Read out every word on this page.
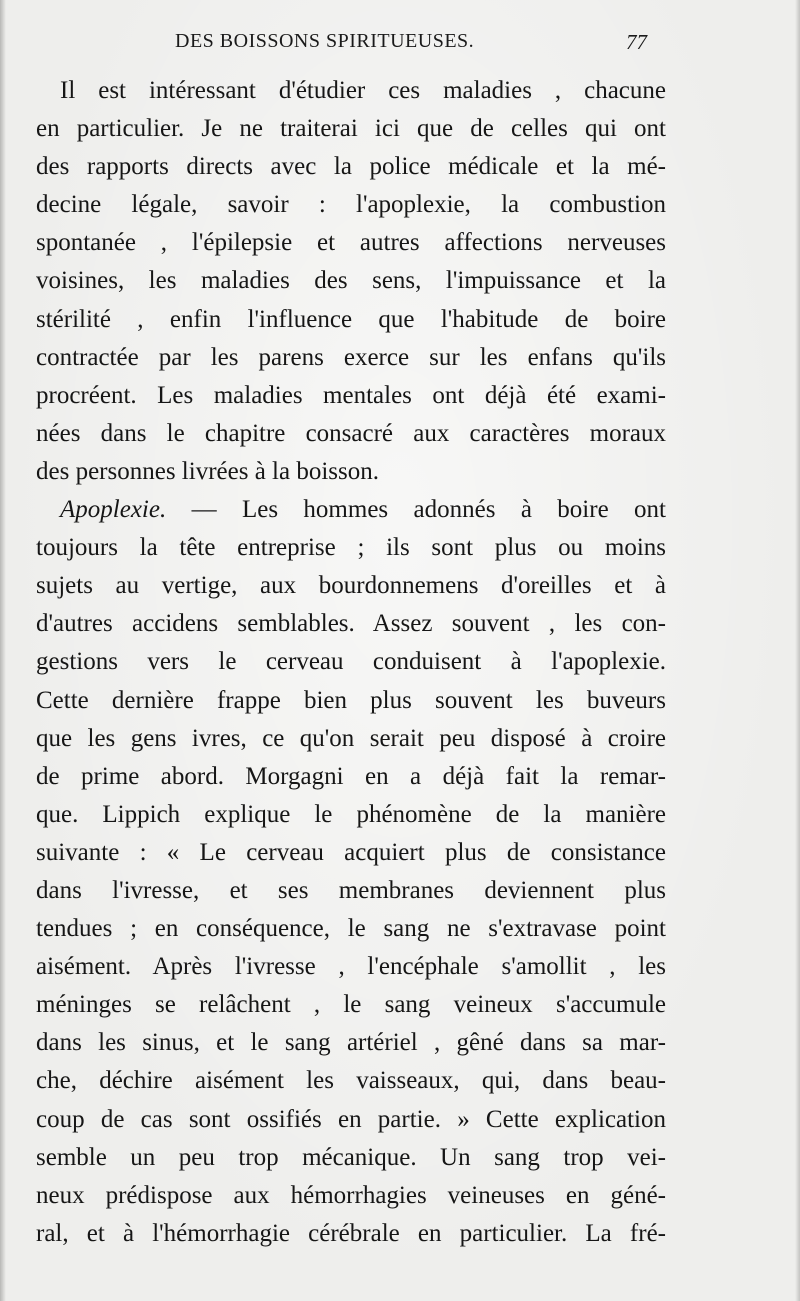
DES BOISSONS SPIRITUEUSES.	77
Il est intéressant d'étudier ces maladies , chacune
en particulier. Je ne traiterai ici que de celles qui ont
des rapports directs avec la police médicale et la mé-
decine légale, savoir : l'apoplexie, la combustion
spontanée , l'épilepsie et autres affections nerveuses
voisines, les maladies des sens, l'impuissance et la
stérilité , enfin l'influence que l'habitude de boire
contractée par les parens exerce sur les enfans qu'ils
procréent. Les maladies mentales ont déjà été exami-
nées dans le chapitre consacré aux caractères moraux
des personnes livrées à la boisson.
Apoplexie. — Les hommes adonnés à boire ont
toujours la tête entreprise ; ils sont plus ou moins
sujets au vertige, aux bourdonnemens d'oreilles et à
d'autres accidens semblables. Assez souvent , les con-
gestions vers le cerveau conduisent à l'apoplexie.
Cette dernière frappe bien plus souvent les buveurs
que les gens ivres, ce qu'on serait peu disposé à croire
de prime abord. Morgagni en a déjà fait la remar-
que. Lippich explique le phénomène de la manière
suivante : « Le cerveau acquiert plus de consistance
dans l'ivresse, et ses membranes deviennent plus
tendues ; en conséquence, le sang ne s'extravase point
aisément. Après l'ivresse , l'encéphale s'amollit , les
méninges se relâchent , le sang veineux s'accumule
dans les sinus, et le sang artériel , gêné dans sa mar-
che, déchire aisément les vaisseaux, qui, dans beau-
coup de cas sont ossifiés en partie. » Cette explication
semble un peu trop mécanique. Un sang trop vei-
neux prédispose aux hémorrhagies veineuses en géné-
ral, et à l'hémorrhagie cérébrale en particulier. La fré-
